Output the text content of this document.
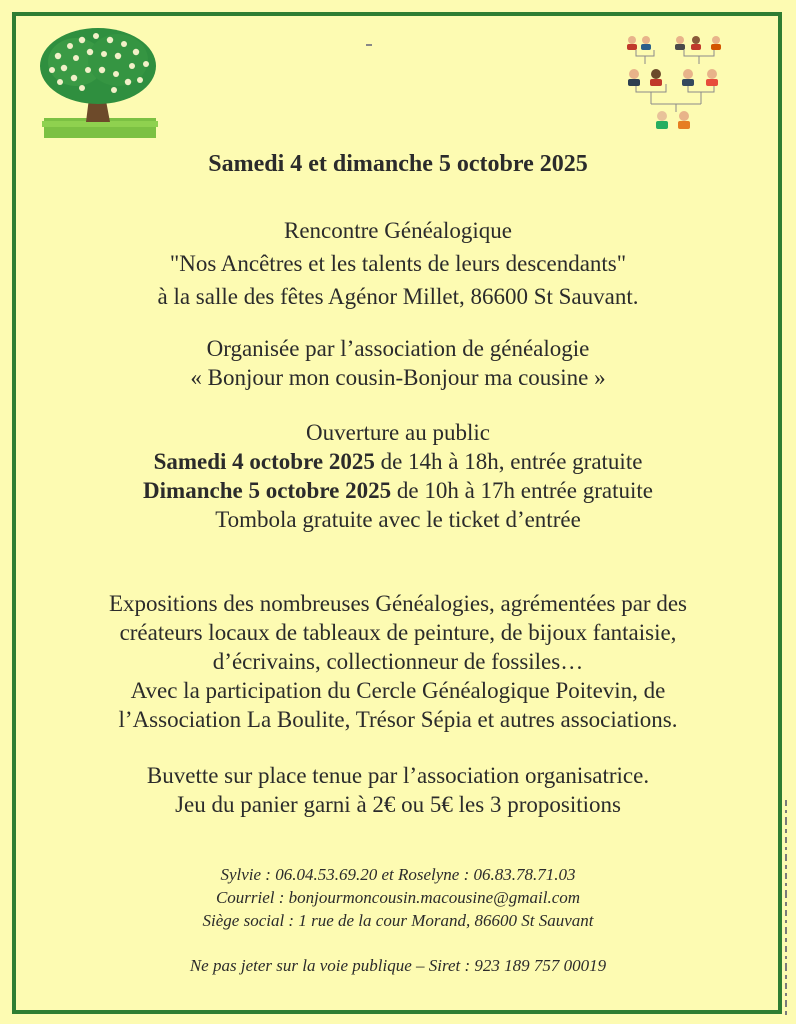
Samedi 4 et dimanche 5 octobre 2025
Rencontre Généalogique
"Nos Ancêtres et les talents de leurs descendants"
à la salle des fêtes Agénor Millet, 86600 St Sauvant.
Organisée par l’association de généalogie
« Bonjour mon cousin-Bonjour ma cousine »
Ouverture au public
Samedi 4 octobre 2025 de 14h à 18h, entrée gratuite
Dimanche 5 octobre 2025 de 10h à 17h entrée gratuite
Tombola gratuite avec le ticket d’entrée
Expositions des nombreuses Généalogies, agrémentées par des
créateurs locaux de tableaux de peinture, de bijoux fantaisie,
d’écrivains, collectionneur de fossiles…
Avec la participation du Cercle Généalogique Poitevin, de
l’Association La Boulite, Trésor Sépia et autres associations.
Buvette sur place tenue par l’association organisatrice.
Jeu du panier garni à 2€ ou 5€ les 3 propositions
Sylvie : 06.04.53.69.20 et Roselyne : 06.83.78.71.03
Courriel : bonjourmoncousin.macousine@gmail.com
Siège social : 1 rue de la cour Morand, 86600 St Sauvant
Ne pas jeter sur la voie publique – Siret : 923 189 757 00019
